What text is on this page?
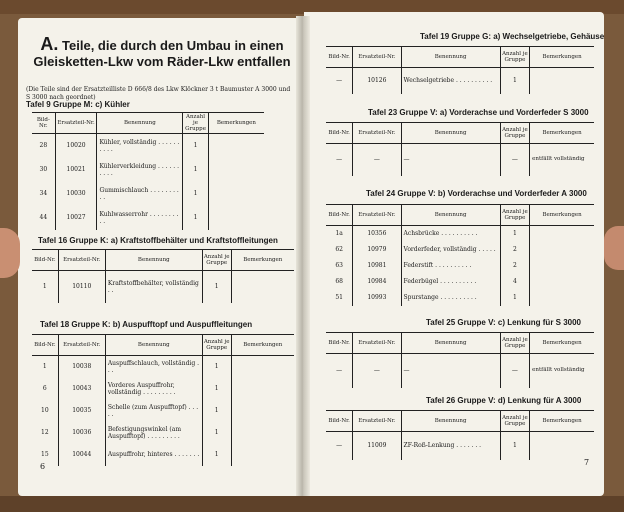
A. Teile, die durch den Umbau in einen Gleisketten-Lkw vom Räder-Lkw entfallen

(Die Teile sind der Ersatzteilliste D 666/8 des Lkw Klöckner 3 t Baumuster A 3000 und S 3000 nach geordnet)

Tafel 9 Gruppe M: c) Kühler

Bild-Nr.	Ersatzteil-Nr.	Benennung	Anzahl je Gruppe	Bemerkungen
28	10020	Kühler, vollständig . . . . . . . . . .	1	
30	10021	Kühlerverkleidung . . . . . . . . . .	1	
34	10030	Gummischlauch . . . . . . . . . .	1	
44	10027	Kuhlwasserrohr . . . . . . . . . .	1	

Tafel 16 Gruppe K: a) Kraftstoffbehälter und Kraftstoffleitungen

Bild-Nr.	Ersatzteil-Nr.	Benennung	Anzahl je Gruppe	Bemerkungen
1	10110	Kraftstoffbehälter, vollständig . .	1	

Tafel 18 Gruppe K: b) Auspufftopf und Auspuffleitungen

Bild-Nr.	Ersatzteil-Nr.	Benennung	Anzahl je Gruppe	Bemerkungen
1	10038	Auspuffschlauch, vollständig . . .	1	
6	10043	Vorderes Auspuffrohr, vollständig . . . . . . . . .	1	
10	10035	Schelle (zum Auspufftopf) . . . . .	1	
12	10036	Befestigungswinkel (am Auspufftopf) . . . . . . . . .	1	
15	10044	Auspuffrohr, hinteres . . . . . . .	1	

6

Tafel 19 Gruppe G: a) Wechselgetriebe, Gehäuse

Bild-Nr.	Ersatzteil-Nr.	Benennung	Anzahl je Gruppe	Bemerkungen
—	10126	Wechselgetriebe . . . . . . . . . .	1	

Tafel 23 Gruppe V: a) Vorderachse und Vorderfeder S 3000

Bild-Nr.	Ersatzteil-Nr.	Benennung	Anzahl je Gruppe	Bemerkungen
—	—	—	—	entfällt vollständig

Tafel 24 Gruppe V: b) Vorderachse und Vorderfeder A 3000

Bild-Nr.	Ersatzteil-Nr.	Benennung	Anzahl je Gruppe	Bemerkungen
1a	10356	Achsbrücke . . . . . . . . . .	1	
62	10979	Vorderfeder, vollständig . . . . .	2	
63	10981	Federstift . . . . . . . . . .	2	
68	10984	Federbügel . . . . . . . . . .	4	
51	10993	Spurstange . . . . . . . . . .	1	

Tafel 25 Gruppe V: c) Lenkung für S 3000

Bild-Nr.	Ersatzteil-Nr.	Benennung	Anzahl je Gruppe	Bemerkungen
—	—	—	—	entfällt vollständig

Tafel 26 Gruppe V: d) Lenkung für A 3000

Bild-Nr.	Ersatzteil-Nr.	Benennung	Anzahl je Gruppe	Bemerkungen
—	11009	ZF-Roß-Lenkung . . . . . . .	1	

7
